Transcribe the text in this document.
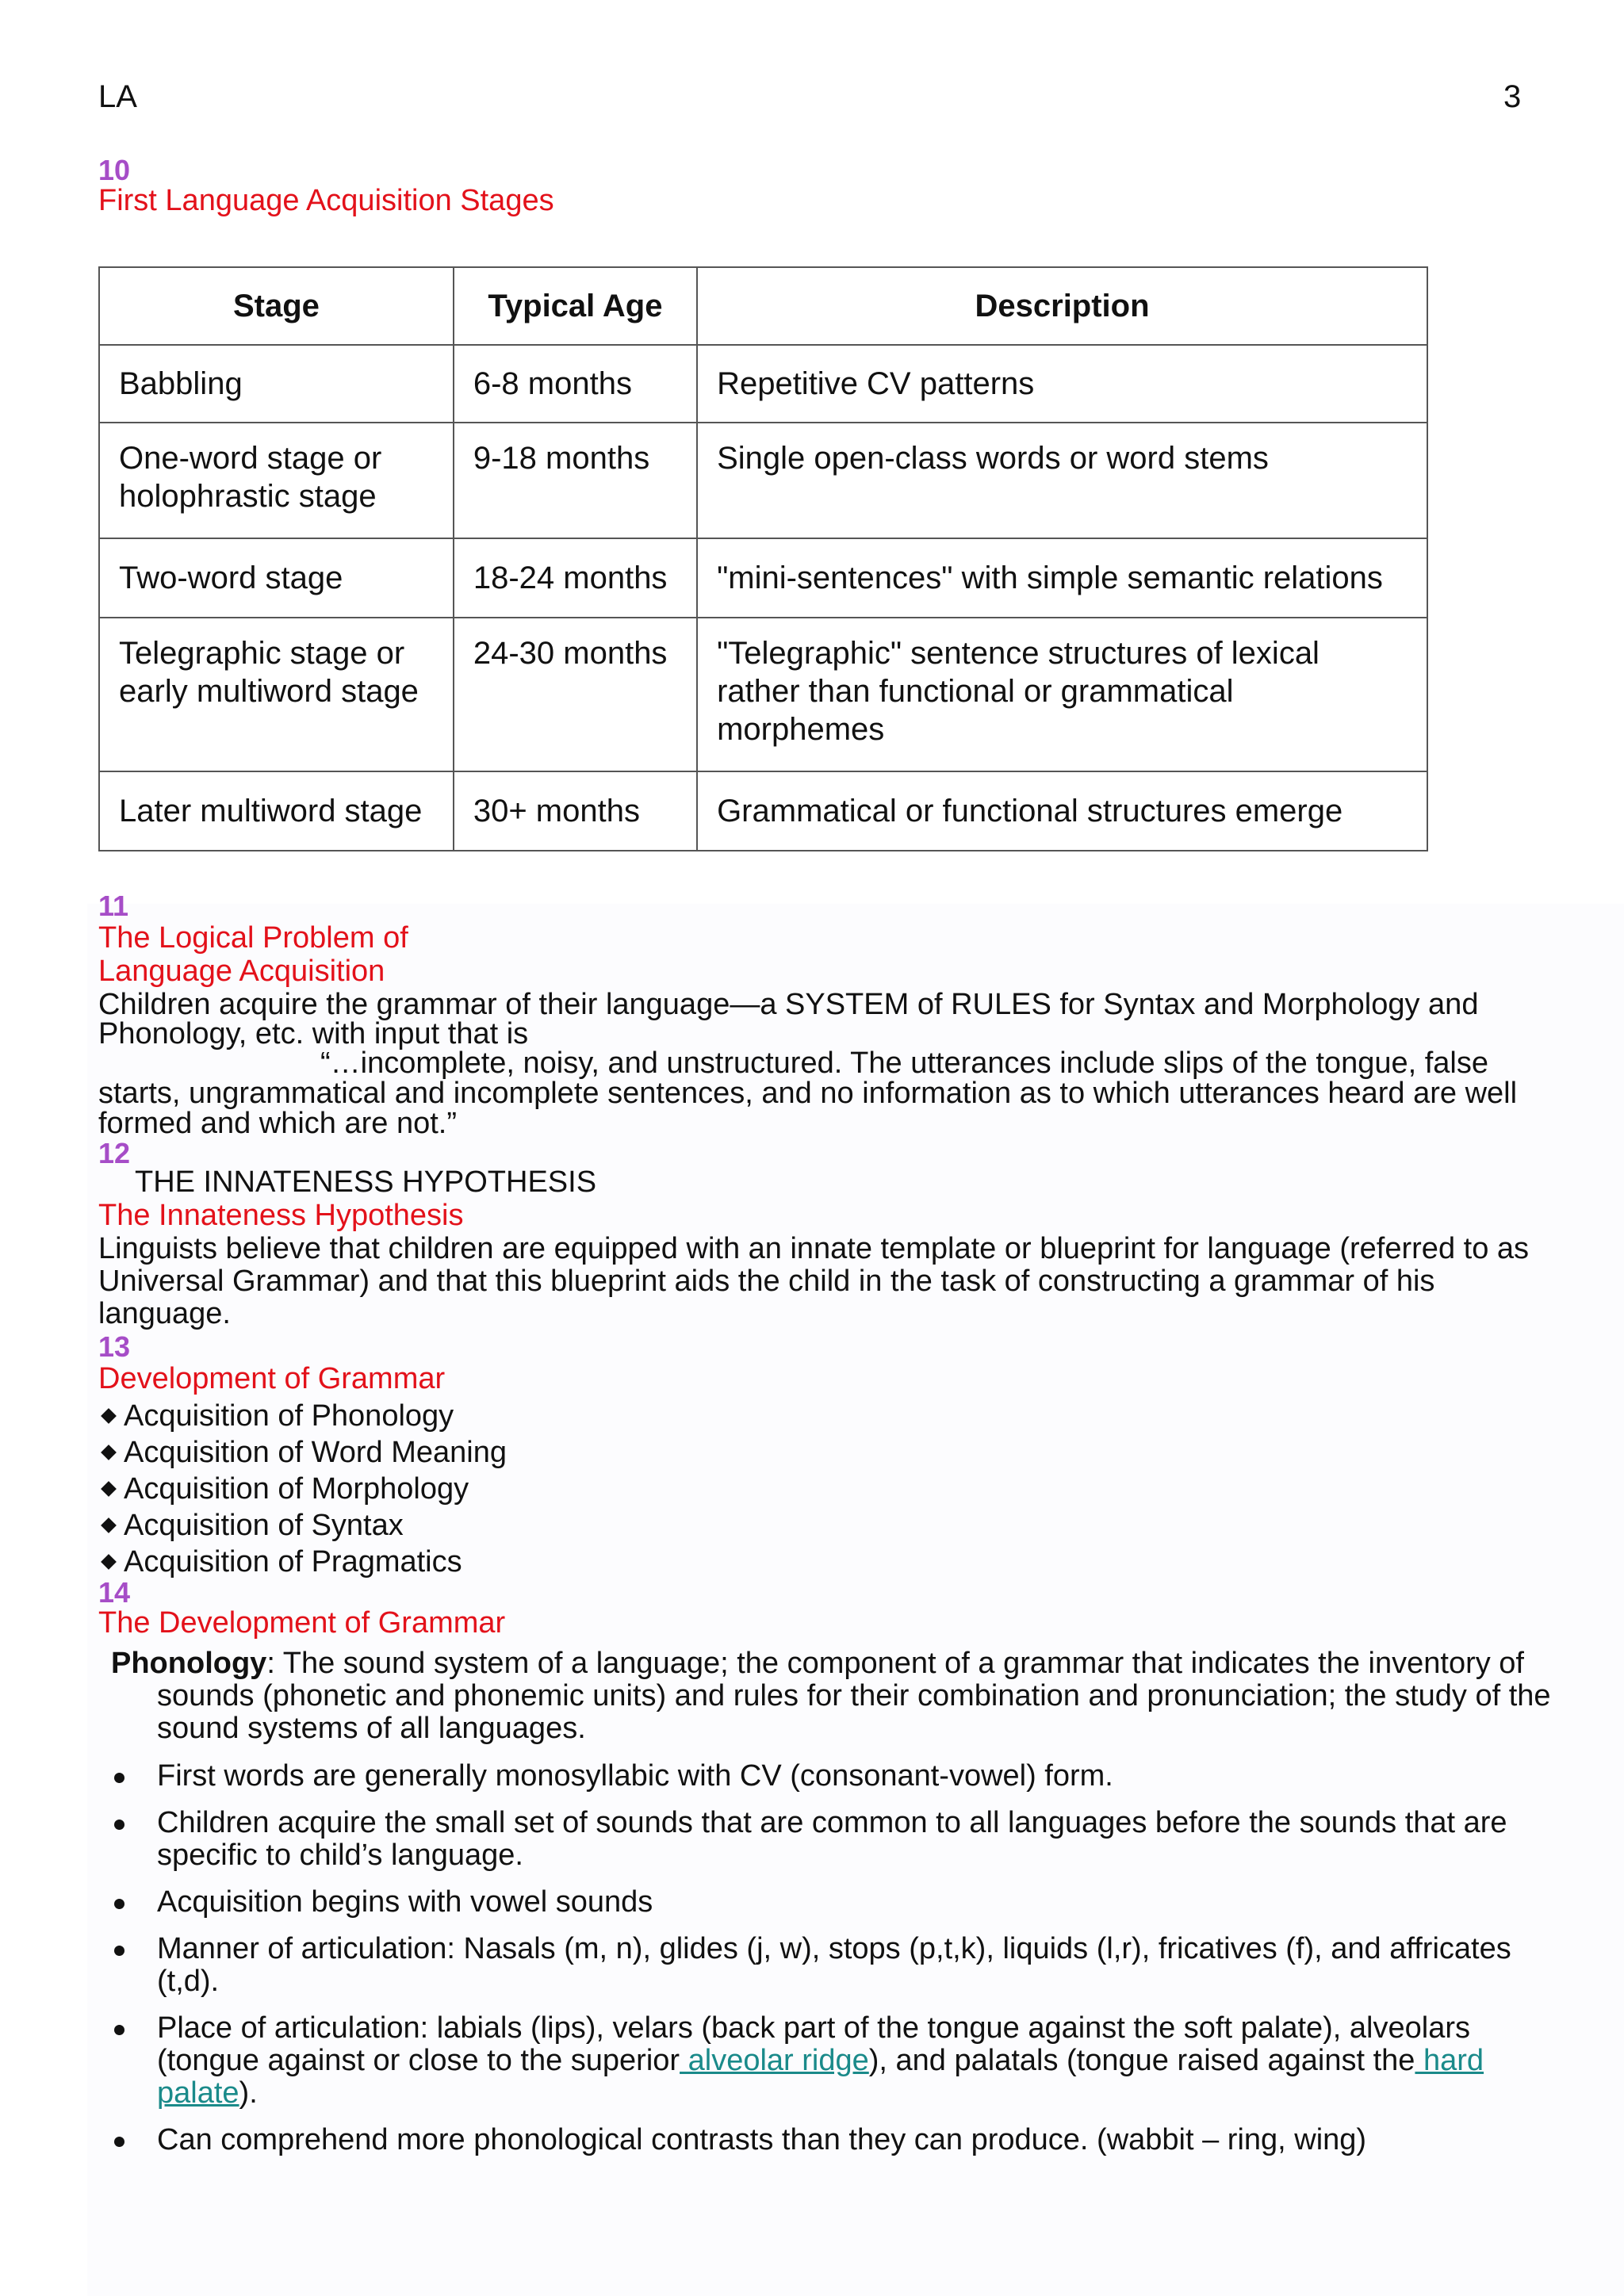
LA	3
10
First Language Acquisition Stages
Stage	Typical Age	Description
Babbling	6-8 months	Repetitive CV patterns
One-word stage or holophrastic stage	9-18 months	Single open-class words or word stems
Two-word stage	18-24 months	"mini-sentences" with simple semantic relations
Telegraphic stage or early multiword stage	24-30 months	"Telegraphic" sentence structures of lexical rather than functional or grammatical morphemes
Later multiword stage	30+ months	Grammatical or functional structures emerge
11
The Logical Problem of
Language Acquisition
Children acquire the grammar of their language—a SYSTEM of RULES for Syntax and Morphology and
Phonology, etc. with input that is
“…incomplete, noisy, and unstructured. The utterances include slips of the tongue, false starts, ungrammatical and incomplete sentences, and no information as to which utterances heard are well formed and which are not.”
12
THE INNATENESS HYPOTHESIS
The Innateness Hypothesis
Linguists believe that children are equipped with an innate template or blueprint for language (referred to as
Universal Grammar) and that this blueprint aids the child in the task of constructing a grammar of his
language.
13
Development of Grammar
Acquisition of Phonology
Acquisition of Word Meaning
Acquisition of Morphology
Acquisition of Syntax
Acquisition of Pragmatics
14
The Development of Grammar
Phonology: The sound system of a language; the component of a grammar that indicates the inventory of sounds (phonetic and phonemic units) and rules for their combination and pronunciation; the study of the sound systems of all languages.
First words are generally monosyllabic with CV (consonant-vowel) form.
Children acquire the small set of sounds that are common to all languages before the sounds that are specific to child’s language.
Acquisition begins with vowel sounds
Manner of articulation: Nasals (m, n), glides (j, w), stops (p,t,k), liquids (l,r), fricatives (f), and affricates (t,d).
Place of articulation: labials (lips), velars (back part of the tongue against the soft palate), alveolars (tongue against or close to the superior alveolar ridge), and palatals (tongue raised against the hard palate).
Can comprehend more phonological contrasts than they can produce. (wabbit – ring, wing)
